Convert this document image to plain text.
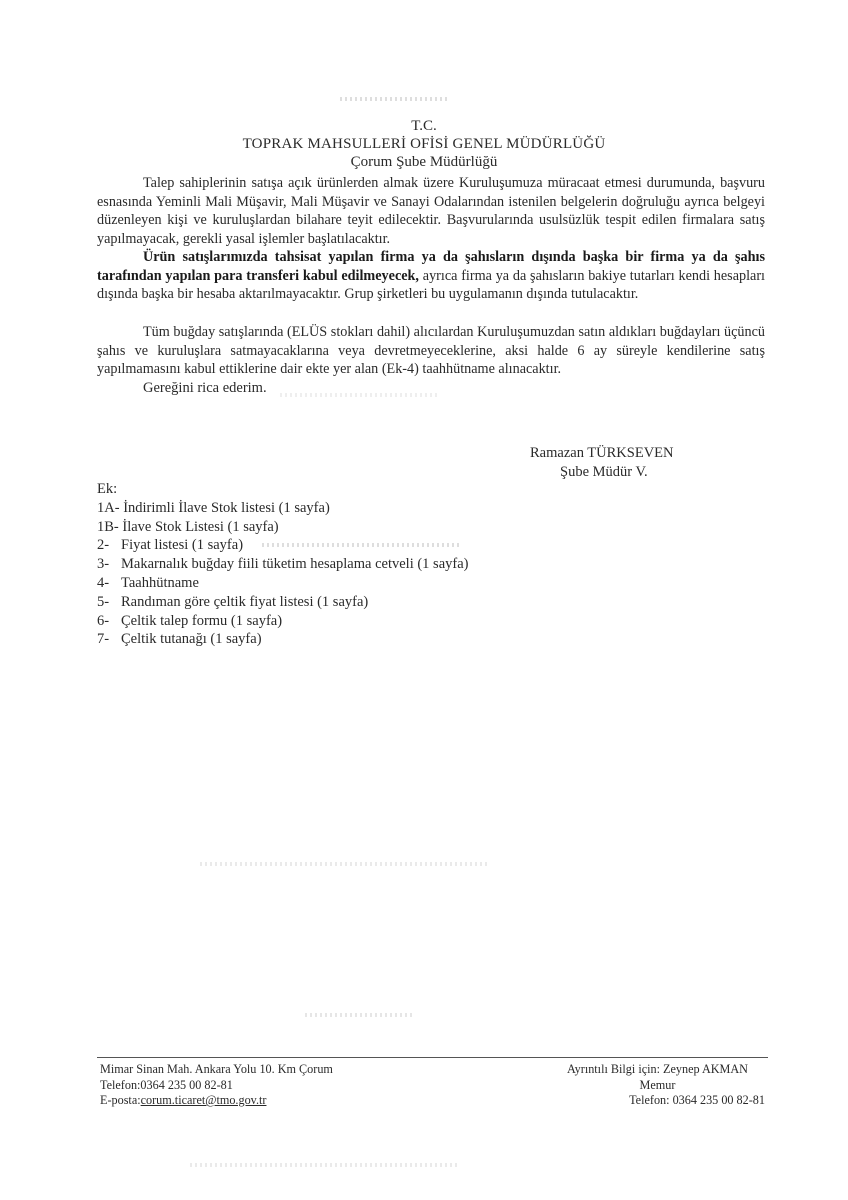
T.C.
TOPRAK MAHSULLERİ OFİSİ GENEL MÜDÜRLÜĞÜ
Çorum Şube Müdürlüğü
Talep sahiplerinin satışa açık ürünlerden almak üzere Kuruluşumuza müracaat etmesi durumunda, başvuru esnasında Yeminli Mali Müşavir, Mali Müşavir ve Sanayi Odalarından istenilen belgelerin doğruluğu ayrıca belgeyi düzenleyen kişi ve kuruluşlardan bilahare teyit edilecektir. Başvurularında usulsüzlük tespit edilen firmalara satış yapılmayacak, gerekli yasal işlemler başlatılacaktır.
Ürün satışlarımızda tahsisat yapılan firma ya da şahısların dışında başka bir firma ya da şahıs tarafından yapılan para transferi kabul edilmeyecek, ayrıca firma ya da şahısların bakiye tutarları kendi hesapları dışında başka bir hesaba aktarılmayacaktır. Grup şirketleri bu uygulamanın dışında tutulacaktır.
Tüm buğday satışlarında (ELÜS stokları dahil) alıcılardan Kuruluşumuzdan satın aldıkları buğdayları üçüncü şahıs ve kuruluşlara satmayacaklarına veya devretmeyeceklerine, aksi halde 6 ay süreyle kendilerine satış yapılmamasını kabul ettiklerine dair ekte yer alan (Ek-4) taahhütname alınacaktır.
Gereğini rica ederim.
Ramazan TÜRKSEVEN
Şube Müdür V.
Ek:
1A- İndirimli İlave Stok listesi (1 sayfa)
1B- İlave Stok Listesi (1 sayfa)
2- Fiyat listesi (1 sayfa)
3- Makarnalık buğday fiili tüketim hesaplama cetveli (1 sayfa)
4- Taahhütname
5- Randıman göre çeltik fiyat listesi (1 sayfa)
6- Çeltik talep formu (1 sayfa)
7- Çeltik tutanağı (1 sayfa)
Mimar Sinan Mah. Ankara Yolu 10. Km Çorum
Telefon:0364 235 00 82-81
E-posta:corum.ticaret@tmo.gov.tr
Ayrıntılı Bilgi için: Zeynep AKMAN
Memur
Telefon: 0364 235 00 82-81
